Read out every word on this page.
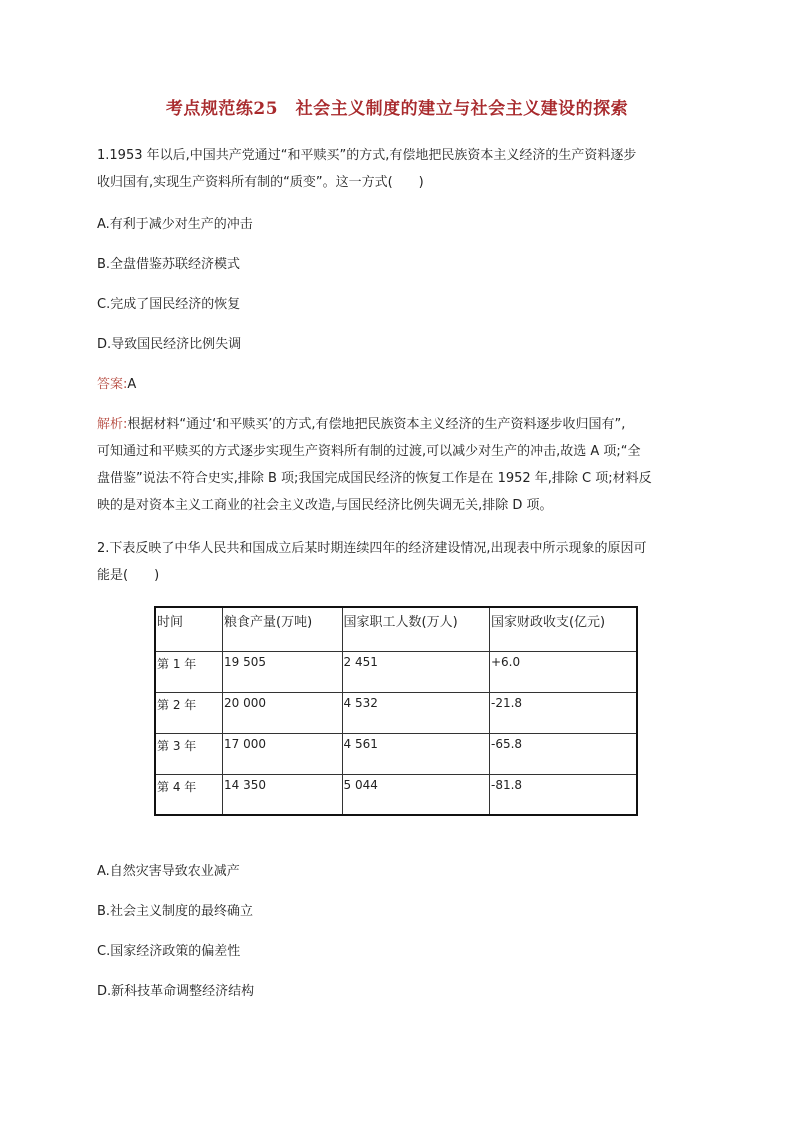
考点规范练25　社会主义制度的建立与社会主义建设的探索
1.1953 年以后,中国共产党通过“和平赎买”的方式,有偿地把民族资本主义经济的生产资料逐步
收归国有,实现生产资料所有制的“质变”。这一方式(　　)
A.有利于减少对生产的冲击
B.全盘借鉴苏联经济模式
C.完成了国民经济的恢复
D.导致国民经济比例失调
答案:A
解析:根据材料“通过‘和平赎买’的方式,有偿地把民族资本主义经济的生产资料逐步收归国有”,
可知通过和平赎买的方式逐步实现生产资料所有制的过渡,可以减少对生产的冲击,故选 A 项;“全
盘借鉴”说法不符合史实,排除 B 项;我国完成国民经济的恢复工作是在 1952 年,排除 C 项;材料反
映的是对资本主义工商业的社会主义改造,与国民经济比例失调无关,排除 D 项。
2.下表反映了中华人民共和国成立后某时期连续四年的经济建设情况,出现表中所示现象的原因可
能是(　　)
时间	粮食产量(万吨)	国家职工人数(万人)	国家财政收支(亿元)
第 1 年	19 505	2 451	+6.0
第 2 年	20 000	4 532	-21.8
第 3 年	17 000	4 561	-65.8
第 4 年	14 350	5 044	-81.8
A.自然灾害导致农业减产
B.社会主义制度的最终确立
C.国家经济政策的偏差性
D.新科技革命调整经济结构
